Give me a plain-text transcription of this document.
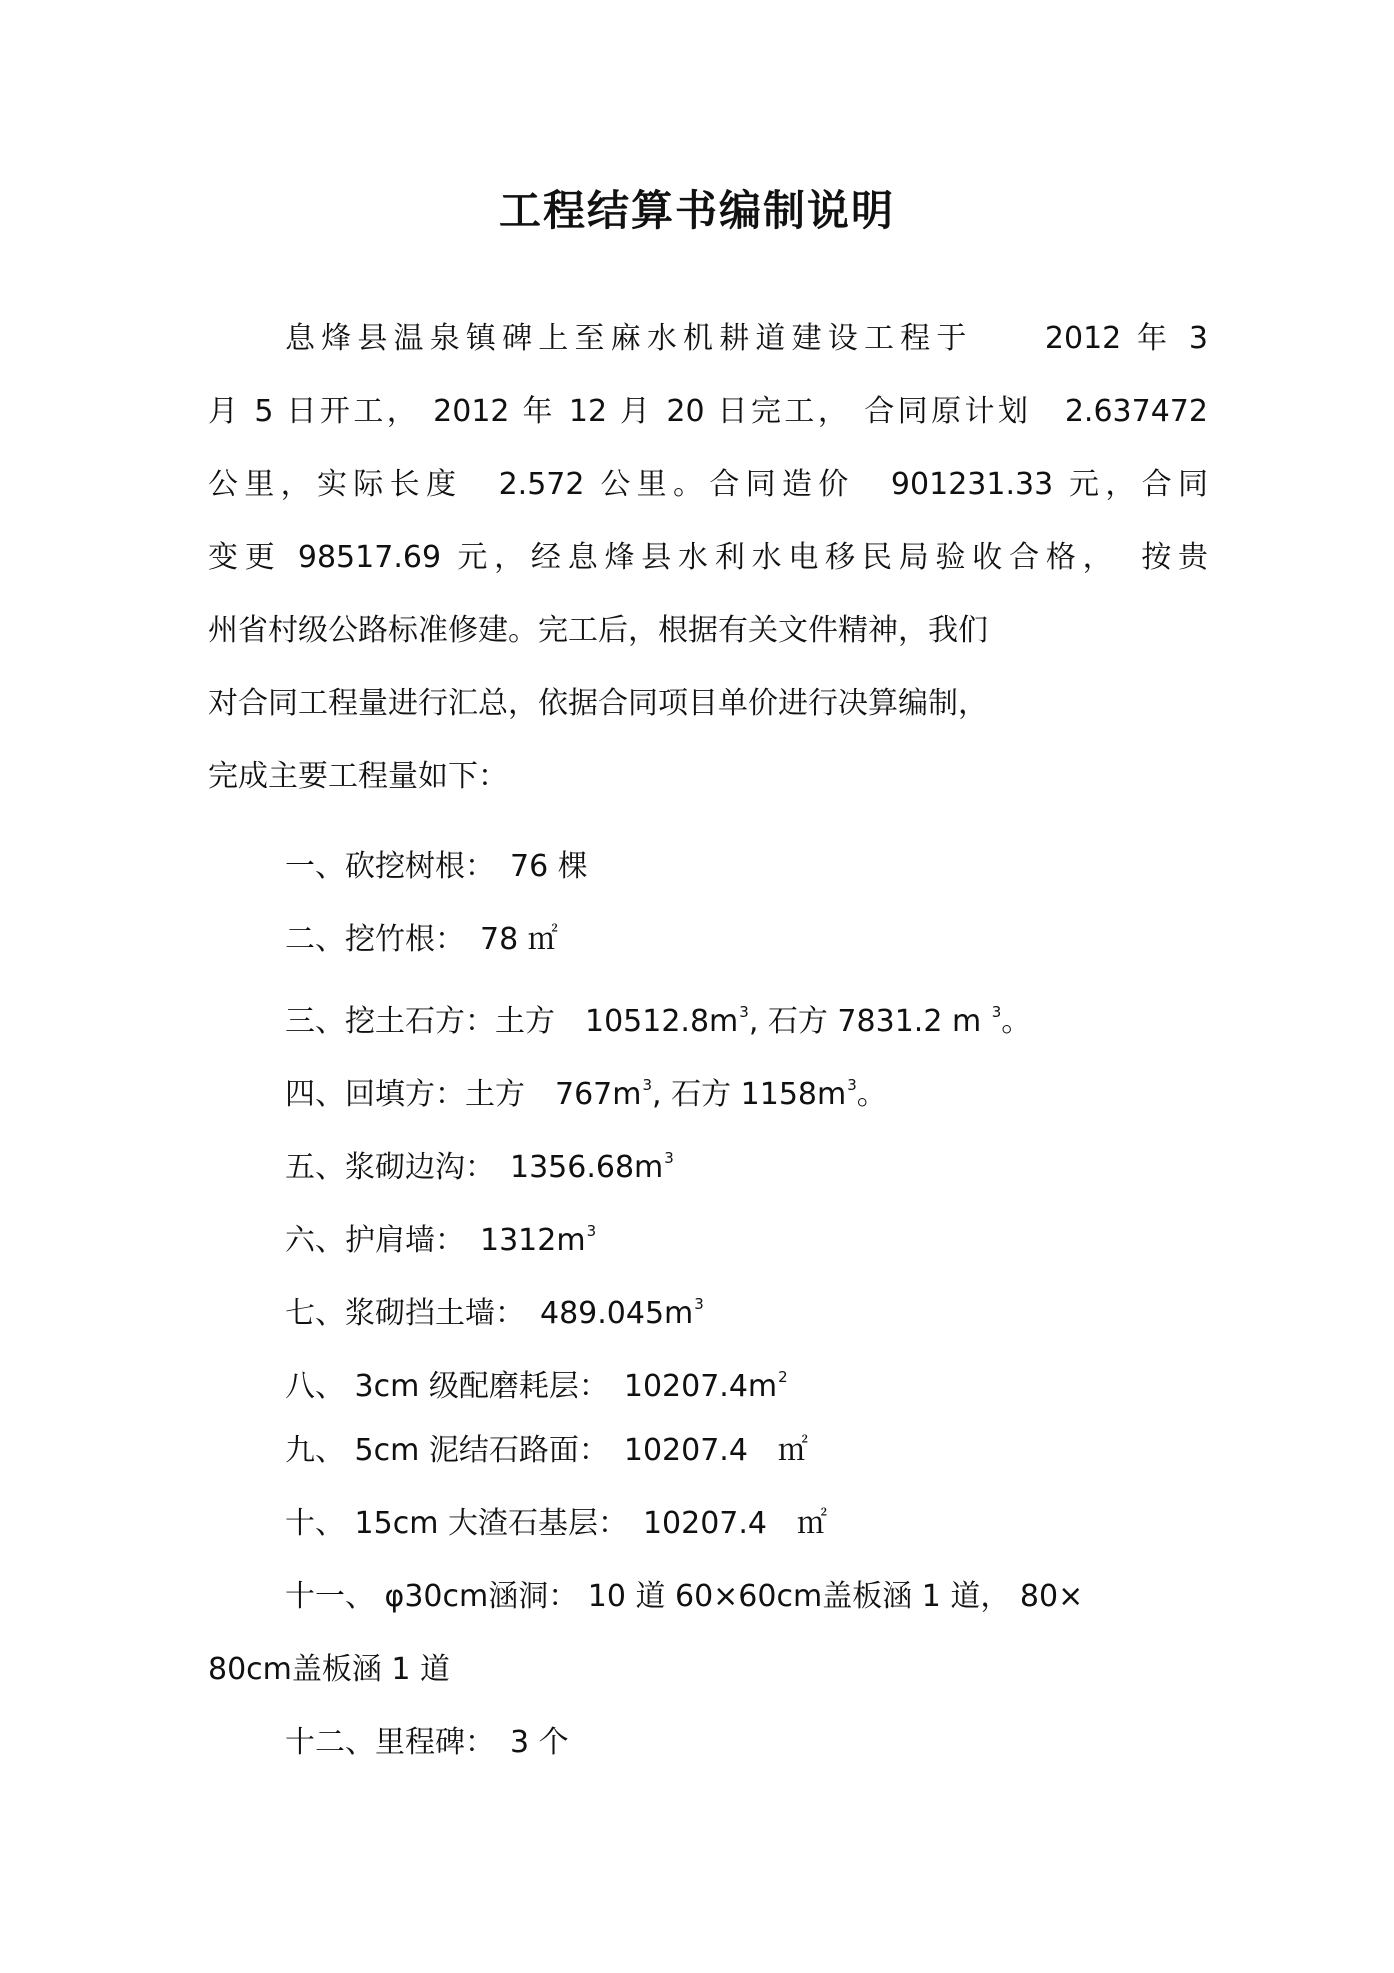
工程结算书编制说明
息烽县温泉镇碑上至麻水机耕道建设工程于　　2012 年 3
月 5 日开工， 2012 年 12 月 20 日完工， 合同原计划　2.637472
公里，实际长度　2.572 公里。合同造价　901231.33 元，合同
变更 98517.69 元，经息烽县水利水电移民局验收合格，　按贵
州省村级公路标准修建。完工后，根据有关文件精神，我们
对合同工程量进行汇总，依据合同项目单价进行决算编制，
完成主要工程量如下：
一、砍挖树根：　76 棵
二、挖竹根：　78 ㎡
三、挖土石方：土方　$10512.8m^3$, 石方 7831.2 m $^3$。
四、回填方：土方　$767m^3$, 石方 $1158m^3$。
五、浆砌边沟：　$1356.68m^3$
六、护肩墙：　$1312m^3$
七、浆砌挡土墙：　$489.045m^3$
八、 3cm 级配磨耗层：　$10207.4m^2$
九、 5cm 泥结石路面：　10207.4　㎡
十、 15cm 大渣石基层：　10207.4　㎡
十一、 φ30cm涵洞： 10 道 60×60cm盖板涵 1 道， 80×
80cm盖板涵 1 道
十二、里程碑：　3 个
